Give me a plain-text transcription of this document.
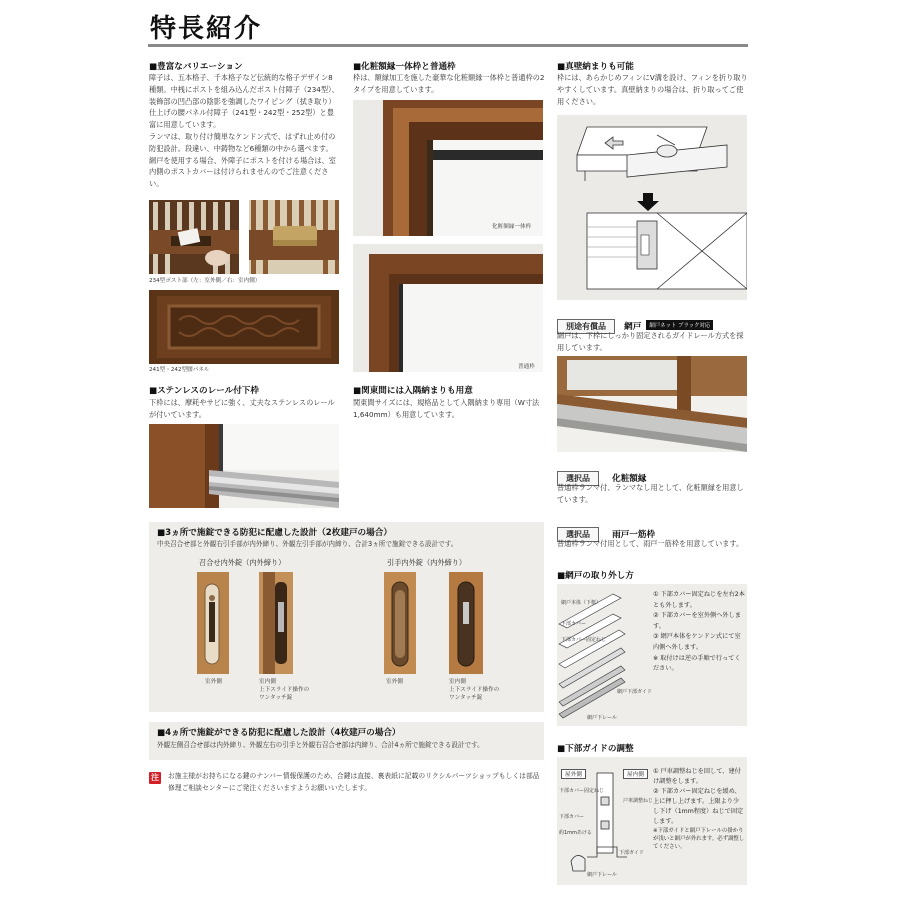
特長紹介
■豊富なバリエーション
障子は、五本格子、千本格子など伝統的な格子デザイン8種類。中桟にポストを組み込んだポスト付障子（234型）、装飾部の凹凸部の陰影を強調したワイピング（拭き取り）仕上げの腰パネル付障子（241型・242型・252型）と豊富に用意しています。
ランマは、取り付け簡単なケンドン式で、はずれ止め付の防犯設計。段違い、中鋳物など6種類の中から選べます。網戸を使用する場合、外障子にポストを付ける場合は、室内側のポストカバーは付けられませんのでご注意ください。
234型ポスト部（左：室外側／右：室内側）
241型・242型腰パネル
■ステンレスのレール付下枠
下枠には、摩耗やサビに強く、丈夫なステンレスのレールが付いています。
■化粧額縁一体枠と普通枠
枠は、額縁加工を施した豪華な化粧額縁一体枠と普通枠の2タイプを用意しています。
化粧額縁一体枠
普通枠
■関東間には入隅納まりも用意
関東間サイズには、規格品として入隅納まり専用（W寸法1,640mm）も用意しています。
■真壁納まりも可能
枠には、あらかじめフィンにV溝を設け、フィンを折り取りやすくしています。真壁納まりの場合は、折り取ってご使用ください。
別途有償品 網戸 網戸ネット ブラック対応
網戸は、下枠にしっかり固定されるガイドレール方式を採用しています。
選択品	化粧額縁
普通枠ランマ付、ランマなし用として、化粧額縁を用意しています。
選択品	雨戸一筋枠
普通枠ランマ付用として、雨戸一筋枠を用意しています。
■網戸の取り外し方
網戸本体（下框）
下部カバー
下部カバー固定ねじ
網戸下部ガイド
網戸下レール
① 下部カバー固定ねじを左右2本とも外します。
② 下部カバーを室外側へ外します。
③ 網戸本体をケンドン式にて室内側へ外します。
※ 取付けは逆の手順で行ってください。
■下部ガイドの調整
屋外側	屋内側
下部カバー固定ねじ
下部カバー
戸車調整ねじ
約1mmあける
下部ガイド
網戸下レール
① 戸車調整ねじを回して、建付け調整をします。
② 下部カバー固定ねじを緩め、上に押し上げます。上限より少し下げ（1mm程度）ねじで固定します。
※下部ガイドと網戸下レールの掛かりが浅いと網戸が外れます。必ず調整してください。
■3ヵ所で施錠できる防犯に配慮した設計（2枚建戸の場合）
中央召合せ部と外観右引手部が内外締り、外観左引手部が内締り、合計3ヵ所で施錠できる設計です。
召合せ内外錠（内外締り）	引手内外錠（内外締り）
室外側	室内側
上下スライド操作の
ワンタッチ錠
室外側	室内側
上下スライド操作の
ワンタッチ錠
■4ヵ所で施錠ができる防犯に配慮した設計（4枚建戸の場合）
外観左側召合せ部は内外締り、外観左右の引手と外観右召合せ部は内締り、合計4ヵ所で施錠できる設計です。
注 お施主様がお持ちになる鍵のナンバー情報保護のため、合鍵は直接、裏表紙に記載のリクシルパーツショップもしくは部品修理ご相談センターにご発注くださいますようお願いいたします。
